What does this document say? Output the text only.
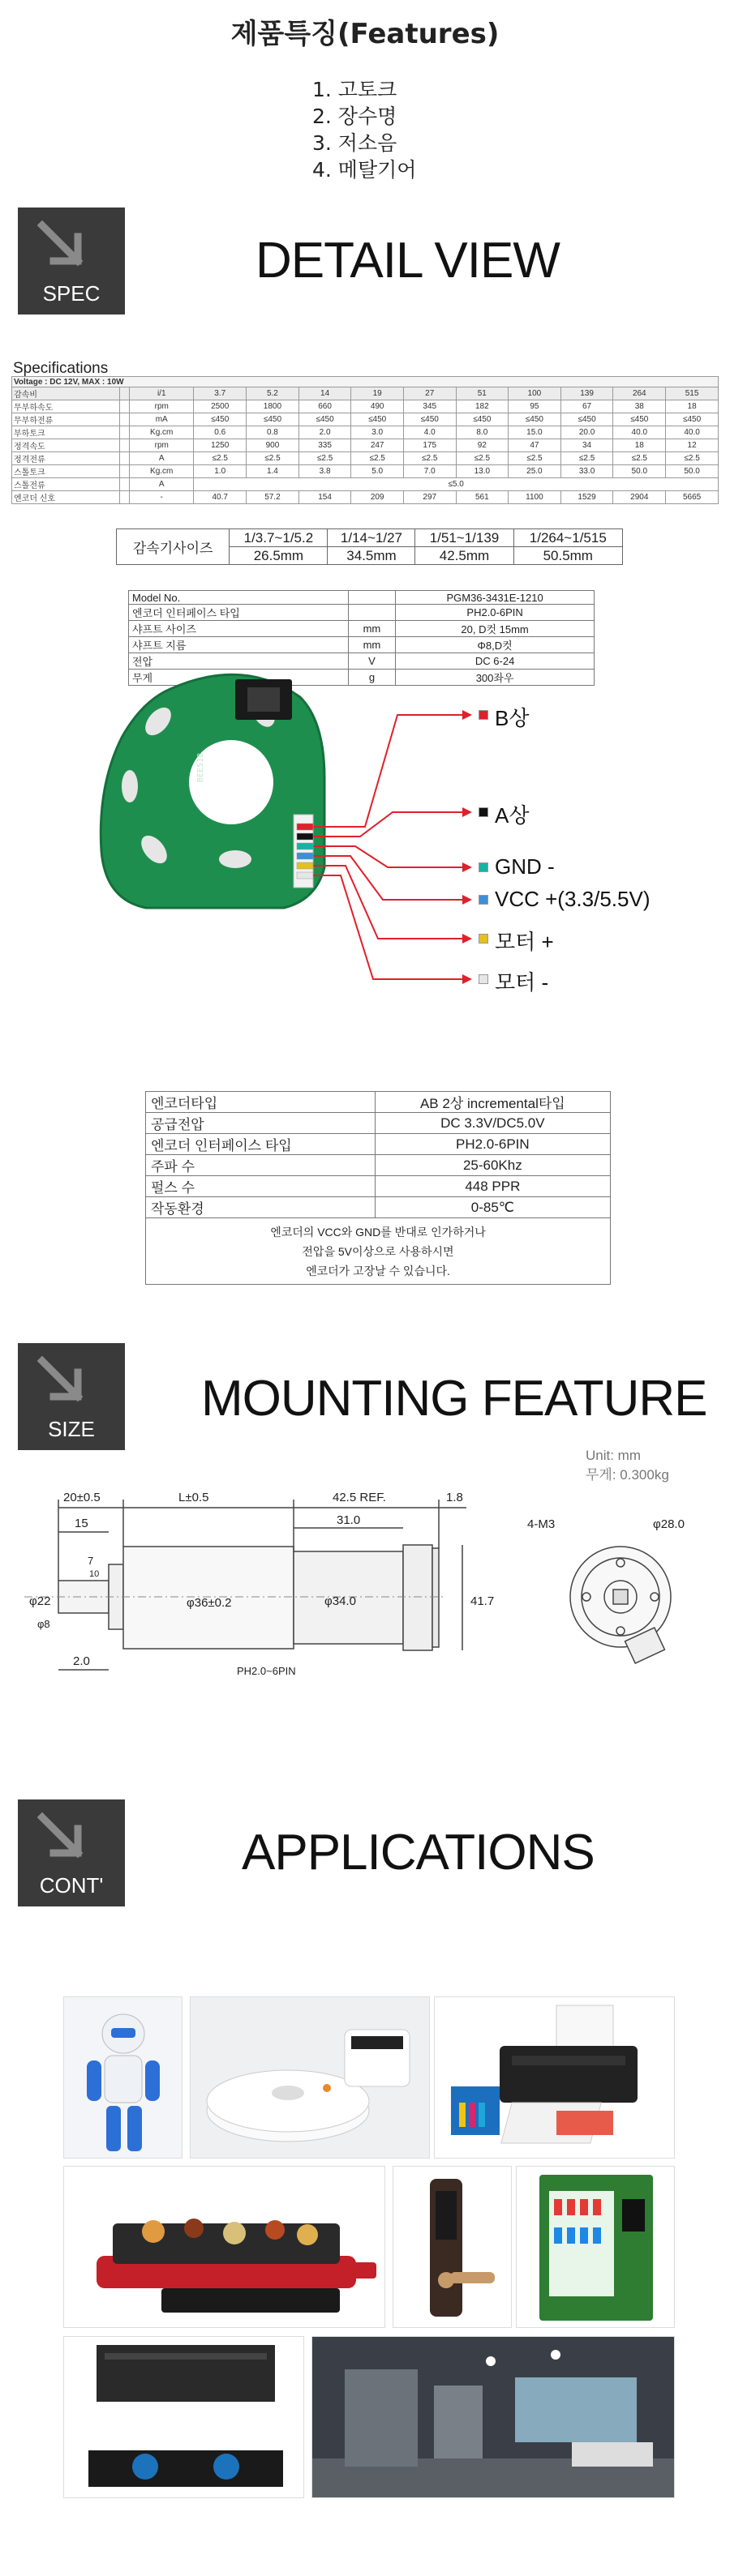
제품특징(Features)
1. 고토크
2. 장수명
3. 저소음
4. 메탈기어
SPEC
DETAIL VIEW
Specifications
Voltage : DC 12V, MAX : 10W												
감속비		i/1	3.7	5.2	14	19	27	51	100	139	264	515
무부하속도		rpm	2500	1800	660	490	345	182	95	67	38	18
무부하전류		mA	≤450	≤450	≤450	≤450	≤450	≤450	≤450	≤450	≤450	≤450
부하토크		Kg.cm	0.6	0.8	2.0	3.0	4.0	8.0	15.0	20.0	40.0	40.0
정격속도		rpm	1250	900	335	247	175	92	47	34	18	12
정격전류		A	≤2.5	≤2.5	≤2.5	≤2.5	≤2.5	≤2.5	≤2.5	≤2.5	≤2.5	≤2.5
스톨토크		Kg.cm	1.0	1.4	3.8	5.0	7.0	13.0	25.0	33.0	50.0	50.0
스톨전류		A	≤5.0									
엔코더 신호		-	40.7	57.2	154	209	297	561	1100	1529	2904	5665
감속기사이즈	1/3.7~1/5.2	1/14~1/27	1/51~1/139	1/264~1/515
	26.5mm	34.5mm	42.5mm	50.5mm
Model No.		PGM36-3431E-1210
엔코더 인터페이스 타입		PH2.0-6PIN
샤프트 사이즈	mm	20, D컷 15mm
샤프트 지름	mm	Φ8,D컷
전압	V	DC 6-24
무게	g	300좌우
BEE518
B상
A상
GND -
VCC +(3.3/5.5V)
모터 +
모터 -
엔코더타입	AB 2상 incremental타입
공급전압	DC 3.3V/DC5.0V
엔코더 인터페이스 타입	PH2.0-6PIN
주파 수	25-60Khz
펄스 수	448 PPR
작동환경	0-85℃

엔코더의 VCC와 GND를 반대로 인가하거나
전압을 5V이상으로 사용하시면
엔코더가 고장날 수 있습니다.	
SIZE
MOUNTING FEATURE
Unit: mm
무게: 0.300kg
20±0.5	L±0.5	42.5 REF.	1.8
15	31.0
7
10
2.0
41.7
φ36±0.2	φ34.0
φ22
φ8
PH2.0~6PIN
4-M3	φ28.0
CONT'
APPLICATIONS
